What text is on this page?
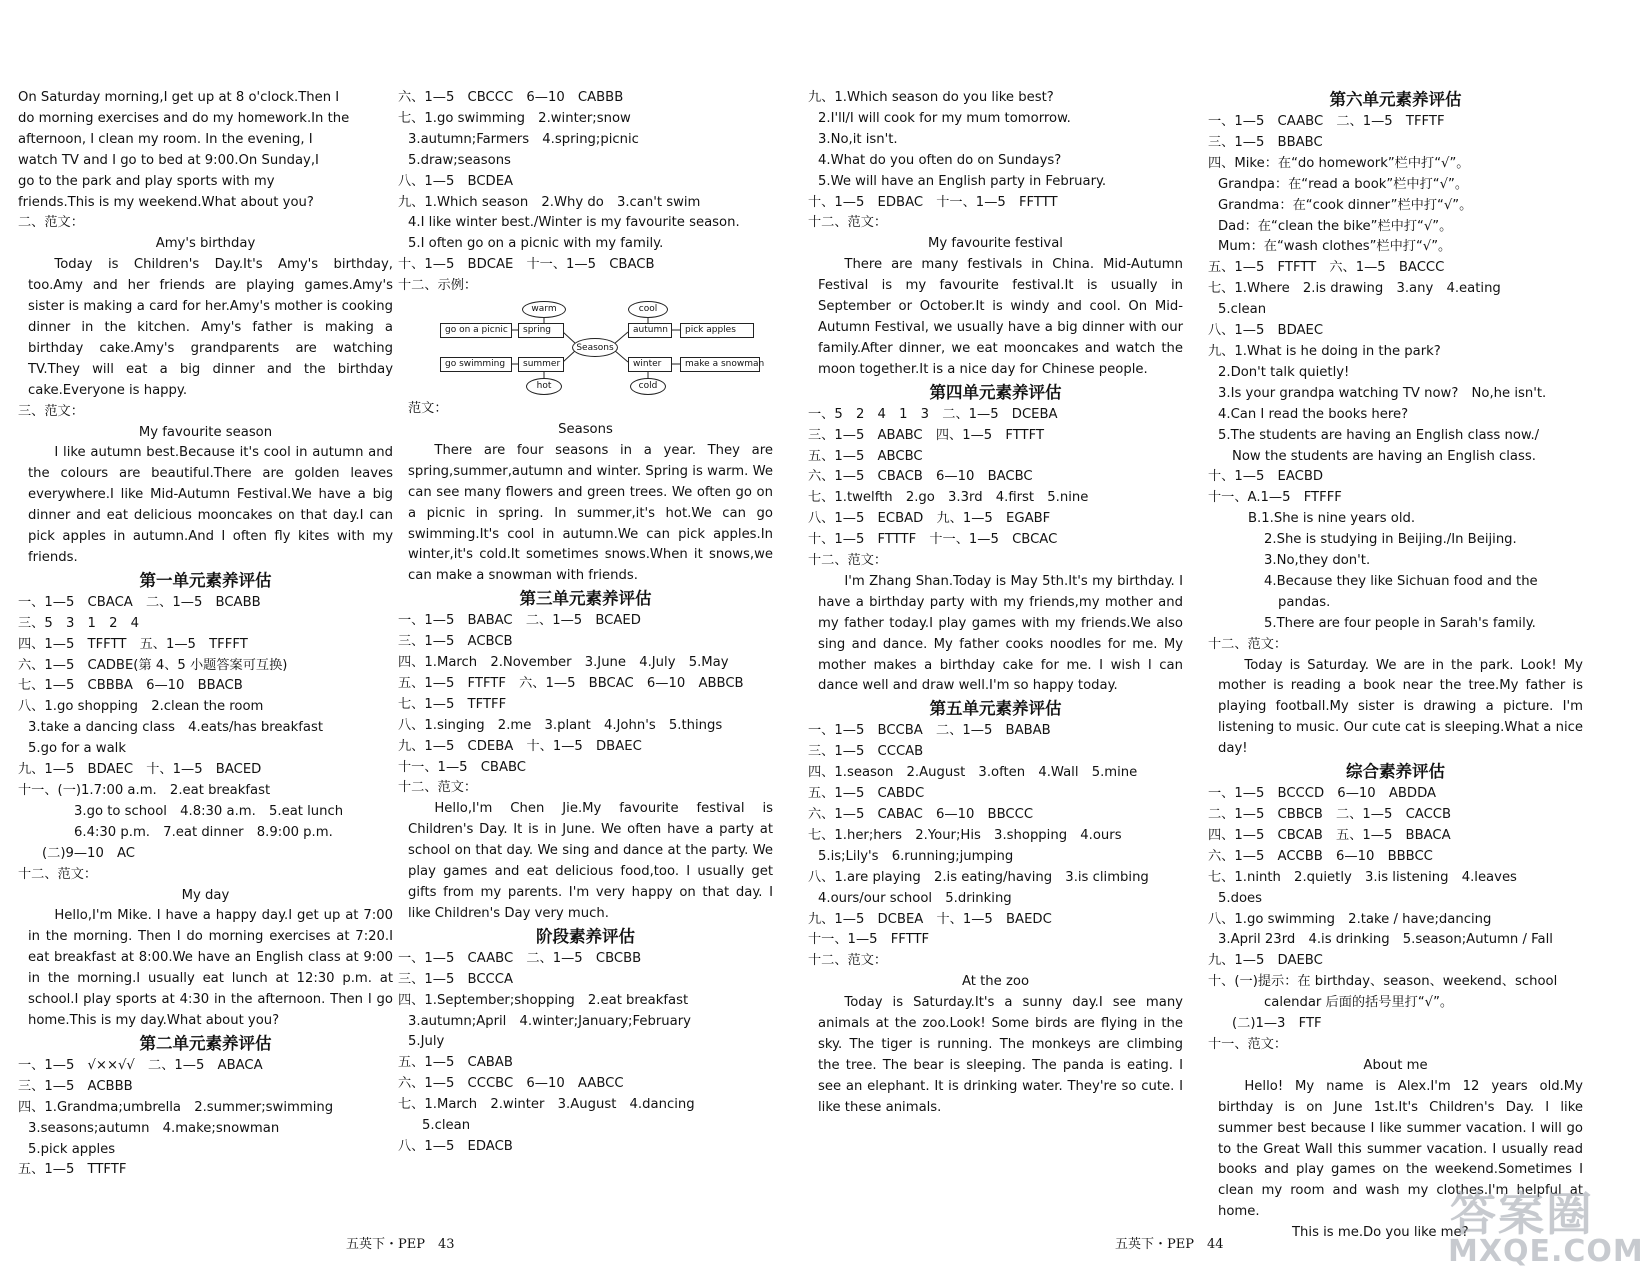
On Saturday morning,I get up at 8 o'clock.Then I
do morning exercises and do my homework.In the
afternoon, I clean my room. In the evening, I
watch TV and I go to bed at 9:00.On Sunday,I
go to the park and play sports with my
friends.This is my weekend.What about you?
二、范文：
Amy's birthday
Today is Children's Day.It's Amy's birthday, too.Amy and her friends are playing games.Amy's sister is making a card for her.Amy's mother is cooking dinner in the kitchen. Amy's father is making a birthday cake.Amy's grandparents are watching TV.They will eat a big dinner and the birthday cake.Everyone is happy.
三、范文：
My favourite season
I like autumn best.Because it's cool in autumn and the colours are beautiful.There are golden leaves everywhere.I like Mid-Autumn Festival.We have a big dinner and eat delicious mooncakes on that day.I can pick apples in autumn.And I often fly kites with my friends.
第一单元素养评估
一、1—5　CBACA　二、1—5　BCABB
三、5　3　1　2　4
四、1—5　TFFTT　五、1—5　TFFFT
六、1—5　CADBE(第 4、5 小题答案可互换)
七、1—5　CBBBA　6—10　BBACB
八、1.go shopping　2.clean the room
3.take a dancing class　4.eats/has breakfast
5.go for a walk
九、1—5　BDAEC　十、1—5　BACED
十一、(一)1.7:00 a.m.　2.eat breakfast
3.go to school　4.8:30 a.m.　5.eat lunch
6.4:30 p.m.　7.eat dinner　8.9:00 p.m.
(二)9—10　AC
十二、范文：
My day
Hello,I'm Mike. I have a happy day.I get up at 7:00 in the morning. Then I do morning exercises at 7:20.I eat breakfast at 8:00.We have an English class at 9:00 in the morning.I usually eat lunch at 12:30 p.m. at school.I play sports at 4:30 in the afternoon. Then I go home.This is my day.What about you?
第二单元素养评估
一、1—5　√××√√　二、1—5　ABACA
三、1—5　ACBBB
四、1.Grandma;umbrella　2.summer;swimming
3.seasons;autumn　4.make;snowman
5.pick apples
五、1—5　TTFTF
六、1—5　CBCCC　6—10　CABBB
七、1.go swimming　2.winter;snow
3.autumn;Farmers　4.spring;picnic
5.draw;seasons
八、1—5　BCDEA
九、1.Which season　2.Why do　3.can't swim
4.I like winter best./Winter is my favourite season.
5.I often go on a picnic with my family.
十、1—5　BDCAE　十一、1—5　CBACB
十二、示例：
warm	cool
go on a picnic	spring
Seasons
autumn	pick apples
go swimming	summer	winter	make a snowman
hot	cold
范文：
Seasons
There are four seasons in a year. They are spring,summer,autumn and winter. Spring is warm. We can see many flowers and green trees. We often go on a picnic in spring. In summer,it's hot.We can go swimming.It's cool in autumn.We can pick apples.In winter,it's cold.It sometimes snows.When it snows,we can make a snowman with friends.
第三单元素养评估
一、1—5　BABAC　二、1—5　BCAED
三、1—5　ACBCB
四、1.March　2.November　3.June　4.July　5.May
五、1—5　FTFTF　六、1—5　BBCAC　6—10　ABBCB
七、1—5　TFTFF
八、1.singing　2.me　3.plant　4.John's　5.things
九、1—5　CDEBA　十、1—5　DBAEC
十一、1—5　CBABC
十二、范文：
Hello,I'm Chen Jie.My favourite festival is Children's Day. It is in June. We often have a party at school on that day. We sing and dance at the party. We play games and eat delicious food,too. I usually get gifts from my parents. I'm very happy on that day. I like Children's Day very much.
阶段素养评估
一、1—5　CAABC　二、1—5　CBCBB
三、1—5　BCCCA
四、1.September;shopping　2.eat breakfast
3.autumn;April　4.winter;January;February
5.July
五、1—5　CABAB
六、1—5　CCCBC　6—10　AABCC
七、1.March　2.winter　3.August　4.dancing
5.clean
八、1—5　EDACB
九、1.Which season do you like best?
2.I'll/I will cook for my mum tomorrow.
3.No,it isn't.
4.What do you often do on Sundays?
5.We will have an English party in February.
十、1—5　EDBAC　十一、1—5　FFTTT
十二、范文：
My favourite festival
There are many festivals in China. Mid-Autumn Festival is my favourite festival.It is usually in September or October.It is windy and cool. On Mid-Autumn Festival, we usually have a big dinner with our family.After dinner, we eat mooncakes and watch the moon together.It is a nice day for Chinese people.
第四单元素养评估
一、5　2　4　1　3　二、1—5　DCEBA
三、1—5　ABABC　四、1—5　FTTFT
五、1—5　ABCBC
六、1—5　CBACB　6—10　BACBC
七、1.twelfth　2.go　3.3rd　4.first　5.nine
八、1—5　ECBAD　九、1—5　EGABF
十、1—5　FTTTF　十一、1—5　CBCAC
十二、范文：
I'm Zhang Shan.Today is May 5th.It's my birthday. I have a birthday party with my friends,my mother and my father today.I play games with my friends.We also sing and dance. My father cooks noodles for me. My mother makes a birthday cake for me. I wish I can dance well and draw well.I'm so happy today.
第五单元素养评估
一、1—5　BCCBA　二、1—5　BABAB
三、1—5　CCCAB
四、1.season　2.August　3.often　4.Wall　5.mine
五、1—5　CABDC
六、1—5　CABAC　6—10　BBCCC
七、1.her;hers　2.Your;His　3.shopping　4.ours
5.is;Lily's　6.running;jumping
八、1.are playing　2.is eating/having　3.is climbing
4.ours/our school　5.drinking
九、1—5　DCBEA　十、1—5　BAEDC
十一、1—5　FFTTF
十二、范文：
At the zoo
Today is Saturday.It's a sunny day.I see many animals at the zoo.Look! Some birds are flying in the sky. The tiger is running. The monkeys are climbing the tree. The bear is sleeping. The panda is eating. I see an elephant. It is drinking water. They're so cute. I like these animals.
第六单元素养评估
一、1—5　CAABC　二、1—5　TFFTF
三、1—5　BBABC
四、Mike：在“do homework”栏中打“√”。
Grandpa：在“read a book”栏中打“√”。
Grandma：在“cook dinner”栏中打“√”。
Dad：在“clean the bike”栏中打“√”。
Mum：在“wash clothes”栏中打“√”。
五、1—5　FTFTT　六、1—5　BACCC
七、1.Where　2.is drawing　3.any　4.eating
5.clean
八、1—5　BDAEC
九、1.What is he doing in the park?
2.Don't talk quietly!
3.Is your grandpa watching TV now?　No,he isn't.
4.Can I read the books here?
5.The students are having an English class now./
Now the students are having an English class.
十、1—5　EACBD
十一、A.1—5　FTFFF
B.1.She is nine years old.
2.She is studying in Beijing./In Beijing.
3.No,they don't.
4.Because they like Sichuan food and the
pandas.
5.There are four people in Sarah's family.
十二、范文：
Today is Saturday. We are in the park. Look! My mother is reading a book near the tree.My father is playing football.My sister is drawing a picture. I'm listening to music. Our cute cat is sleeping.What a nice day!
综合素养评估
一、1—5　BCCCD　6—10　ABDDA
二、1—5　CBBCB　二、1—5　CACCB
四、1—5　CBCAB　五、1—5　BBACA
六、1—5　ACCBB　6—10　BBBCC
七、1.ninth　2.quietly　3.is listening　4.leaves
5.does
八、1.go swimming　2.take / have;dancing
3.April 23rd　4.is drinking　5.season;Autumn / Fall
九、1—5　DAEBC
十、(一)提示：在 birthday、season、weekend、school
calendar 后面的括号里打“√”。
(二)1—3　FTF
十一、范文：
About me
Hello! My name is Alex.I'm 12 years old.My birthday is on June 1st.It's Children's Day. I like summer best because I like summer vacation. I will go to the Great Wall this summer vacation. I usually read books and play games on the weekend.Sometimes I clean my room and wash my clothes.I'm helpful at home.
This is me.Do you like me?
五英下・PEP　43	五英下・PEP　44
答案圈
MXQE.COM
